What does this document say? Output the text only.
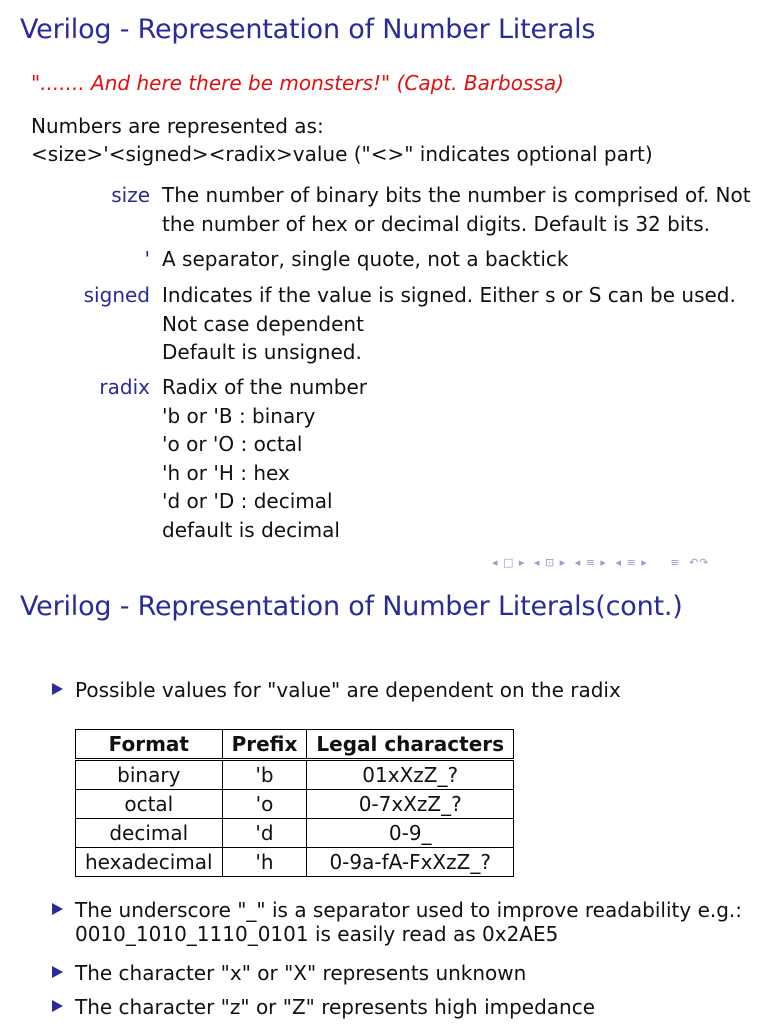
Verilog - Representation of Number Literals
"....... And here there be monsters!" (Capt. Barbossa)
Numbers are represented as:
<size>'<signed><radix>value ("<>" indicates optional part)
size The number of binary bits the number is comprised of. Not
the number of hex or decimal digits. Default is 32 bits.
' A separator, single quote, not a backtick
signed Indicates if the value is signed. Either s or S can be used.
Not case dependent
Default is unsigned.
radix Radix of the number
'b or 'B : binary
'o or 'O : octal
'h or 'H : hex
'd or 'D : decimal
default is decimal
◂ □ ▸ ◂ ⊡ ▸ ◂ ≡ ▸ ◂ ≡ ▸ ≡ ↶↷
Verilog - Representation of Number Literals(cont.)
Possible values for "value" are dependent on the radix
Format	Prefix	Legal characters
binary	'b	01xXzZ_?
octal	'o	0-7xXzZ_?
decimal	'd	0-9_
hexadecimal	'h	0-9a-fA-FxXzZ_?
The underscore "_" is a separator used to improve readability e.g.:
0010_1010_1110_0101 is easily read as 0x2AE5
The character "x" or "X" represents unknown
The character "z" or "Z" represents high impedance
